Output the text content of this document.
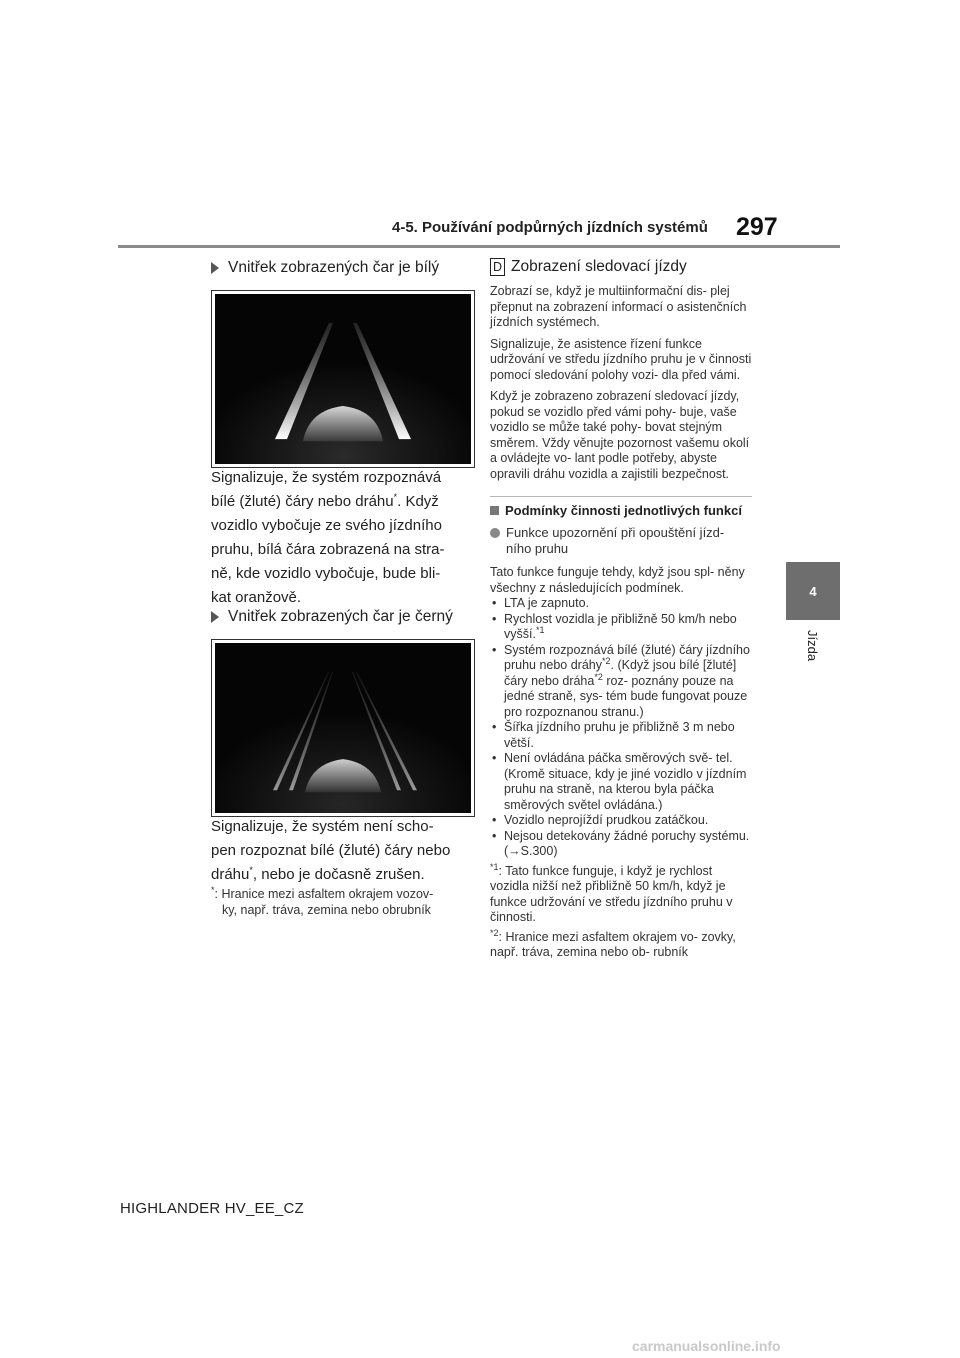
4-5. Používání podpůrných jízdních systémů 297
4
Jízda
Vnitřek zobrazených čar je bílý
Signalizuje, že systém rozpoznává
bílé (žluté) čáry nebo dráhu*. Když
vozidlo vybočuje ze svého jízdního
pruhu, bílá čára zobrazená na stra-
ně, kde vozidlo vybočuje, bude bli-
kat oranžově.
Vnitřek zobrazených čar je černý
Signalizuje, že systém není scho-
pen rozpoznat bílé (žluté) čáry nebo
dráhu*, nebo je dočasně zrušen.
*: Hranice mezi asfaltem okrajem vozov-
ky, např. tráva, zemina nebo obrubník
D Zobrazení sledovací jízdy

Zobrazí se, když je multiinformační dis- plej přepnut na zobrazení informací o asistenčních jízdních systémech.

Signalizuje, že asistence řízení funkce udržování ve středu jízdního pruhu je v činnosti pomocí sledování polohy vozi- dla před vámi.

Když je zobrazeno zobrazení sledovací jízdy, pokud se vozidlo před vámi pohy- buje, vaše vozidlo se může také pohy- bovat stejným směrem. Vždy věnujte pozornost vašemu okolí a ovládejte vo- lant podle potřeby, abyste opravili dráhu vozidla a zajistili bezpečnost.

Podmínky činnosti jednotlivých funkcí
Funkce upozornění při opouštění jízd- ního pruhu

Tato funkce funguje tehdy, když jsou spl- něny všechny z následujících podmínek.

• LTA je zapnuto.
• Rychlost vozidla je přibližně 50 km/h nebo vyšší.$^{*1}$
• Systém rozpoznává bílé (žluté) čáry jízdního pruhu nebo dráhy$^{*2}$. (Když jsou bílé [žluté] čáry nebo dráha$^{*2}$ roz- poznány pouze na jedné straně, sys- tém bude fungovat pouze pro rozpoznanou stranu.)
• Šířka jízdního pruhu je přibližně 3 m nebo větší.
• Není ovládána páčka směrových svě- tel. (Kromě situace, kdy je jiné vozidlo v jízdním pruhu na straně, na kterou byla páčka směrových světel ovládána.)
• Vozidlo neprojíždí prudkou zatáčkou.
• Nejsou detekovány žádné poruchy systému. (→S.300)
$^{*1}$: Tato funkce funguje, i když je rychlost vozidla nižší než přibližně 50 km/h, když je funkce udržování ve středu jízdního pruhu v činnosti.
$^{*2}$: Hranice mezi asfaltem okrajem vo- zovky, např. tráva, zemina nebo ob- rubník
HIGHLANDER HV_EE_CZ
carmanualsonline.info
